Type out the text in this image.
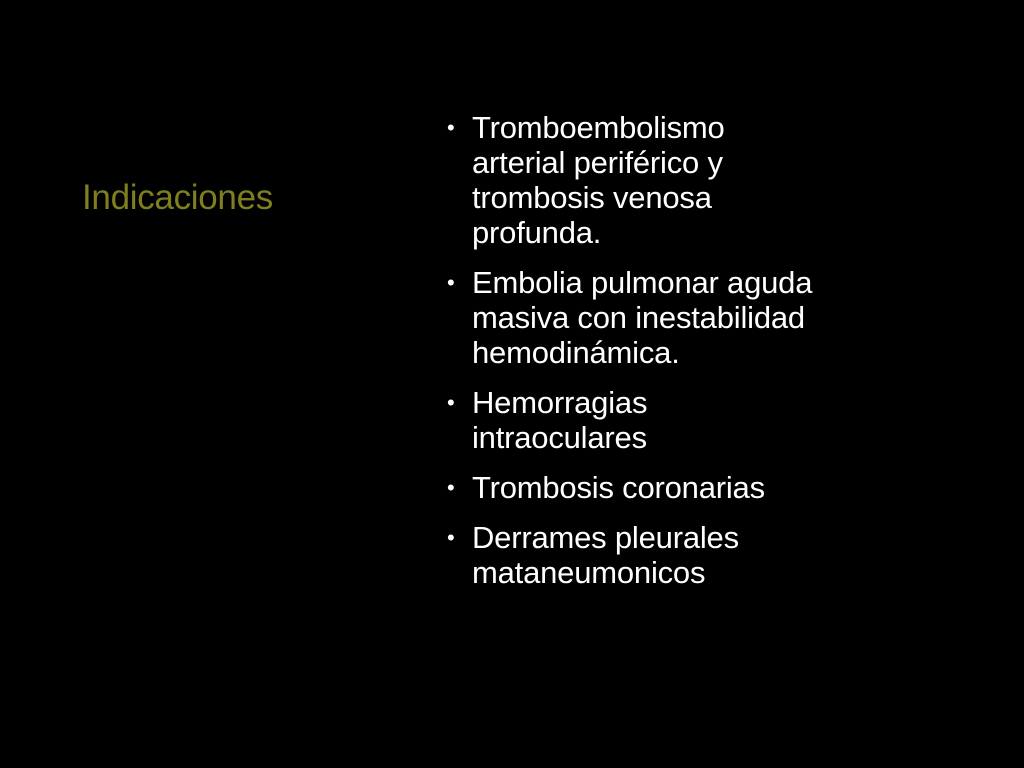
Indicaciones
• Tromboembolismo
arterial periférico y
trombosis venosa
profunda.
• Embolia pulmonar aguda
masiva con inestabilidad
hemodinámica.
• Hemorragias
intraoculares
• Trombosis coronarias
• Derrames pleurales
mataneumonicos
